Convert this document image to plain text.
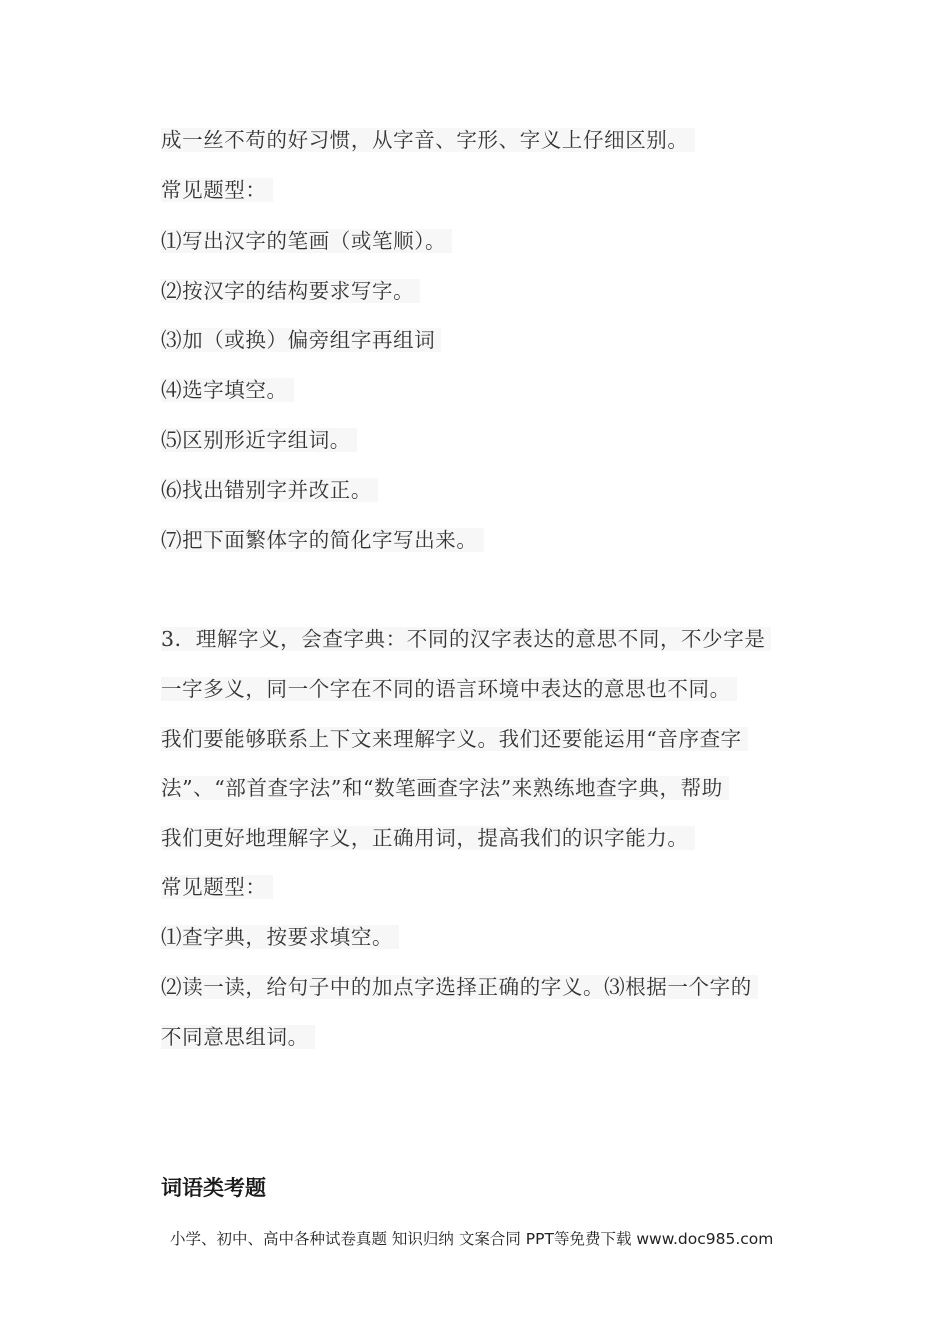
成一丝不苟的好习惯，从字音、字形、字义上仔细区别。
常见题型：
⑴写出汉字的笔画（或笔顺）。
⑵按汉字的结构要求写字。
⑶加（或换）偏旁组字再组词
⑷选字填空。
⑸区别形近字组词。
⑹找出错别字并改正。
⑺把下面繁体字的简化字写出来。
3．理解字义，会查字典：不同的汉字表达的意思不同，不少字是
一字多义，同一个字在不同的语言环境中表达的意思也不同。
我们要能够联系上下文来理解字义。我们还要能运用“音序查字
法”、“部首查字法”和“数笔画查字法”来熟练地查字典，帮助
我们更好地理解字义，正确用词，提高我们的识字能力。
常见题型：
⑴查字典，按要求填空。
⑵读一读，给句子中的加点字选择正确的字义。⑶根据一个字的
不同意思组词。
词语类考题
小学、初中、高中各种试卷真题 知识归纳 文案合同 PPT等免费下载 www.doc985.com
